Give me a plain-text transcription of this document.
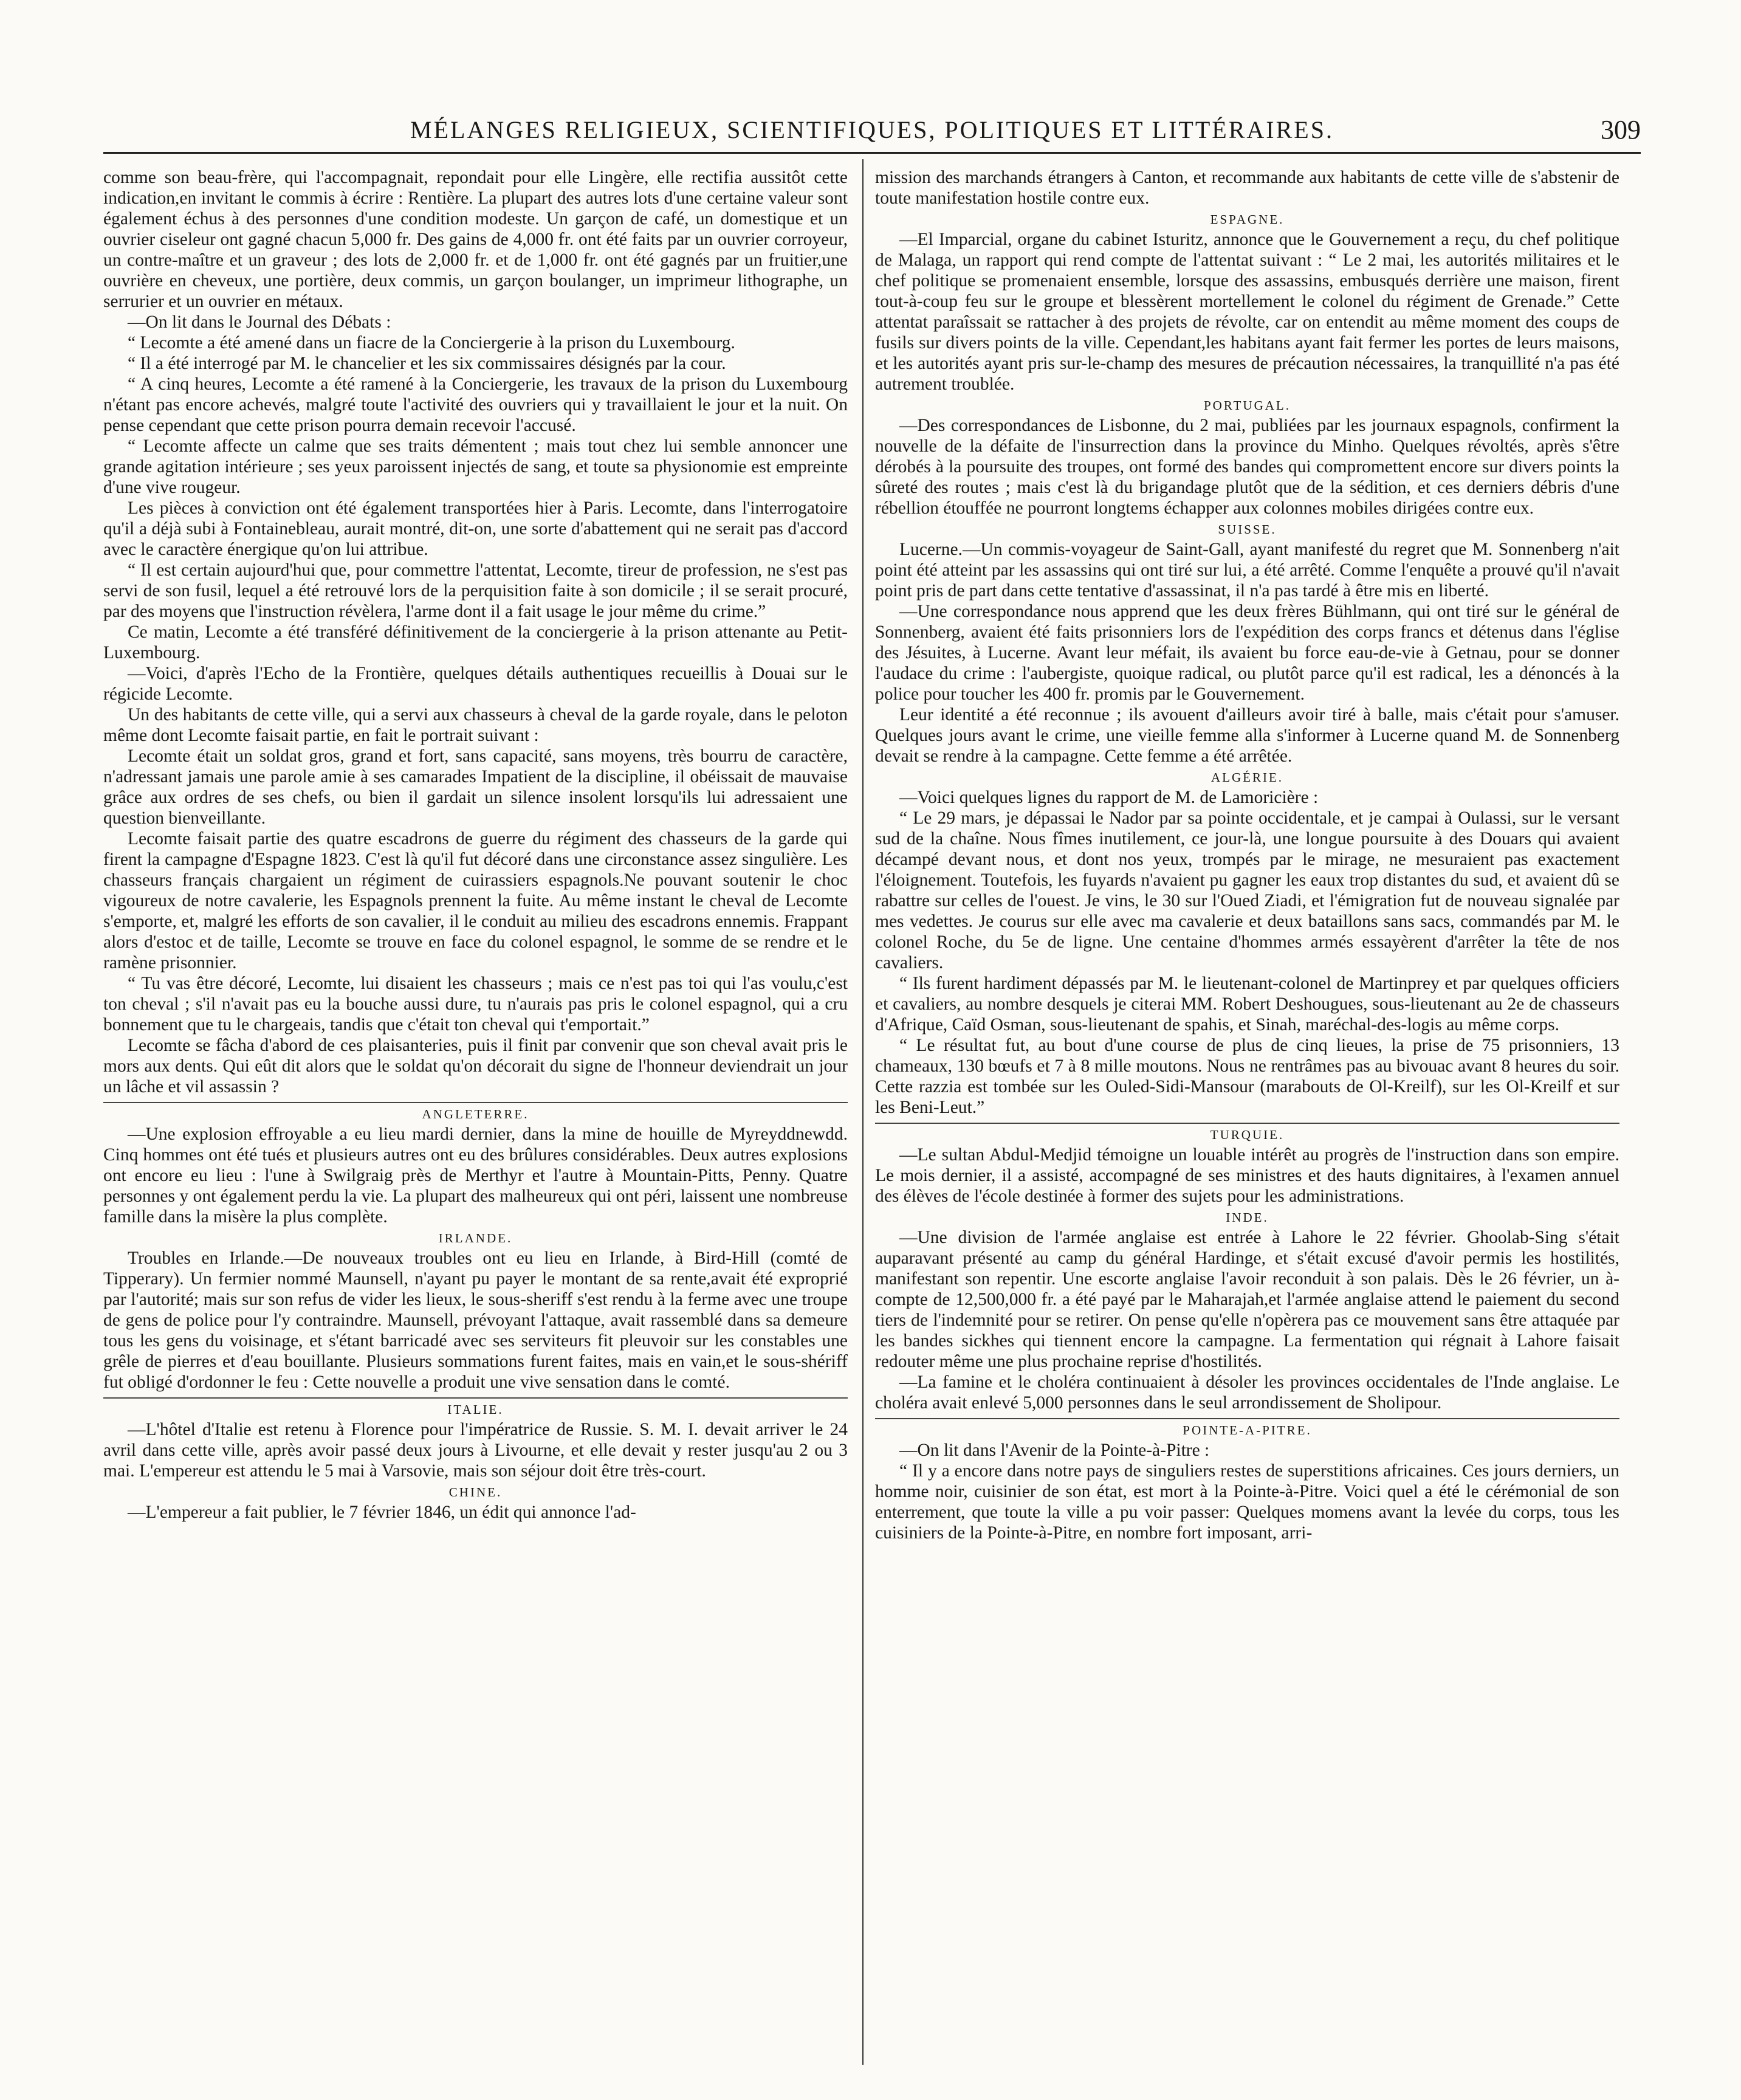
MÉLANGES RELIGIEUX, SCIENTIFIQUES, POLITIQUES ET LITTÉRAIRES.	309

comme son beau-frère, qui l'accompagnait, repondait pour elle Lingère, elle rectifia aussitôt cette indication,en invitant le commis à écrire : Rentière. La plupart des autres lots d'une certaine valeur sont également échus à des personnes d'une condition modeste. Un garçon de café, un domestique et un ouvrier ciseleur ont gagné chacun 5,000 fr. Des gains de 4,000 fr. ont été faits par un ouvrier corroyeur, un contre-maître et un graveur ; des lots de 2,000 fr. et de 1,000 fr. ont été gagnés par un fruitier,une ouvrière en cheveux, une portière, deux commis, un garçon boulanger, un imprimeur lithographe, un serrurier et un ouvrier en métaux.

—On lit dans le Journal des Débats :

“ Lecomte a été amené dans un fiacre de la Conciergerie à la prison du Luxembourg.

“ Il a été interrogé par M. le chancelier et les six commissaires désignés par la cour.

“ A cinq heures, Lecomte a été ramené à la Conciergerie, les travaux de la prison du Luxembourg n'étant pas encore achevés, malgré toute l'activité des ouvriers qui y travaillaient le jour et la nuit. On pense cependant que cette prison pourra demain recevoir l'accusé.

“ Lecomte affecte un calme que ses traits démentent ; mais tout chez lui semble annoncer une grande agitation intérieure ; ses yeux paroissent injectés de sang, et toute sa physionomie est empreinte d'une vive rougeur.

Les pièces à conviction ont été également transportées hier à Paris. Lecomte, dans l'interrogatoire qu'il a déjà subi à Fontainebleau, aurait montré, dit-on, une sorte d'abattement qui ne serait pas d'accord avec le caractère énergique qu'on lui attribue.

“ Il est certain aujourd'hui que, pour commettre l'attentat, Lecomte, tireur de profession, ne s'est pas servi de son fusil, lequel a été retrouvé lors de la perquisition faite à son domicile ; il se serait procuré, par des moyens que l'instruction révèlera, l'arme dont il a fait usage le jour même du crime.”

Ce matin, Lecomte a été transféré définitivement de la conciergerie à la prison attenante au Petit-Luxembourg.

—Voici, d'après l'Echo de la Frontière, quelques détails authentiques recueillis à Douai sur le régicide Lecomte.

Un des habitants de cette ville, qui a servi aux chasseurs à cheval de la garde royale, dans le peloton même dont Lecomte faisait partie, en fait le portrait suivant :

Lecomte était un soldat gros, grand et fort, sans capacité, sans moyens, très bourru de caractère, n'adressant jamais une parole amie à ses camarades Impatient de la discipline, il obéissait de mauvaise grâce aux ordres de ses chefs, ou bien il gardait un silence insolent lorsqu'ils lui adressaient une question bienveillante.

Lecomte faisait partie des quatre escadrons de guerre du régiment des chasseurs de la garde qui firent la campagne d'Espagne 1823. C'est là qu'il fut décoré dans une circonstance assez singulière. Les chasseurs français chargaient un régiment de cuirassiers espagnols.Ne pouvant soutenir le choc vigoureux de notre cavalerie, les Espagnols prennent la fuite. Au même instant le cheval de Lecomte s'emporte, et, malgré les efforts de son cavalier, il le conduit au milieu des escadrons ennemis. Frappant alors d'estoc et de taille, Lecomte se trouve en face du colonel espagnol, le somme de se rendre et le ramène prisonnier.

“ Tu vas être décoré, Lecomte, lui disaient les chasseurs ; mais ce n'est pas toi qui l'as voulu,c'est ton cheval ; s'il n'avait pas eu la bouche aussi dure, tu n'aurais pas pris le colonel espagnol, qui a cru bonnement que tu le chargeais, tandis que c'était ton cheval qui t'emportait.”

Lecomte se fâcha d'abord de ces plaisanteries, puis il finit par convenir que son cheval avait pris le mors aux dents. Qui eût dit alors que le soldat qu'on décorait du signe de l'honneur deviendrait un jour un lâche et vil assassin ?

ANGLETERRE.

—Une explosion effroyable a eu lieu mardi dernier, dans la mine de houille de Myreyddnewdd. Cinq hommes ont été tués et plusieurs autres ont eu des brûlures considérables. Deux autres explosions ont encore eu lieu : l'une à Swilgraig près de Merthyr et l'autre à Mountain-Pitts, Penny. Quatre personnes y ont également perdu la vie. La plupart des malheureux qui ont péri, laissent une nombreuse famille dans la misère la plus complète.

IRLANDE.

Troubles en Irlande.—De nouveaux troubles ont eu lieu en Irlande, à Bird-Hill (comté de Tipperary). Un fermier nommé Maunsell, n'ayant pu payer le montant de sa rente,avait été exproprié par l'autorité; mais sur son refus de vider les lieux, le sous-sheriff s'est rendu à la ferme avec une troupe de gens de police pour l'y contraindre. Maunsell, prévoyant l'attaque, avait rassemblé dans sa demeure tous les gens du voisinage, et s'étant barricadé avec ses serviteurs fit pleuvoir sur les constables une grêle de pierres et d'eau bouillante. Plusieurs sommations furent faites, mais en vain,et le sous-shériff fut obligé d'ordonner le feu : Cette nouvelle a produit une vive sensation dans le comté.

ITALIE.

—L'hôtel d'Italie est retenu à Florence pour l'impératrice de Russie. S. M. I. devait arriver le 24 avril dans cette ville, après avoir passé deux jours à Livourne, et elle devait y rester jusqu'au 2 ou 3 mai. L'empereur est attendu le 5 mai à Varsovie, mais son séjour doit être très-court.

CHINE.

—L'empereur a fait publier, le 7 février 1846, un édit qui annonce l'ad-

mission des marchands étrangers à Canton, et recommande aux habitants de cette ville de s'abstenir de toute manifestation hostile contre eux.

ESPAGNE.

—El Imparcial, organe du cabinet Isturitz, annonce que le Gouvernement a reçu, du chef politique de Malaga, un rapport qui rend compte de l'attentat suivant : “ Le 2 mai, les autorités militaires et le chef politique se promenaient ensemble, lorsque des assassins, embusqués derrière une maison, firent tout-à-coup feu sur le groupe et blessèrent mortellement le colonel du régiment de Grenade.” Cette attentat paraîssait se rattacher à des projets de révolte, car on entendit au même moment des coups de fusils sur divers points de la ville. Cependant,les habitans ayant fait fermer les portes de leurs maisons, et les autorités ayant pris sur-le-champ des mesures de précaution nécessaires, la tranquillité n'a pas été autrement troublée.

PORTUGAL.

—Des correspondances de Lisbonne, du 2 mai, publiées par les journaux espagnols, confirment la nouvelle de la défaite de l'insurrection dans la province du Minho. Quelques révoltés, après s'être dérobés à la poursuite des troupes, ont formé des bandes qui compromettent encore sur divers points la sûreté des routes ; mais c'est là du brigandage plutôt que de la sédition, et ces derniers débris d'une rébellion étouffée ne pourront longtems échapper aux colonnes mobiles dirigées contre eux.

SUISSE.

Lucerne.—Un commis-voyageur de Saint-Gall, ayant manifesté du regret que M. Sonnenberg n'ait point été atteint par les assassins qui ont tiré sur lui, a été arrêté. Comme l'enquête a prouvé qu'il n'avait point pris de part dans cette tentative d'assassinat, il n'a pas tardé à être mis en liberté.

—Une correspondance nous apprend que les deux frères Bühlmann, qui ont tiré sur le général de Sonnenberg, avaient été faits prisonniers lors de l'expédition des corps francs et détenus dans l'église des Jésuites, à Lucerne. Avant leur méfait, ils avaient bu force eau-de-vie à Getnau, pour se donner l'audace du crime : l'aubergiste, quoique radical, ou plutôt parce qu'il est radical, les a dénoncés à la police pour toucher les 400 fr. promis par le Gouvernement.

Leur identité a été reconnue ; ils avouent d'ailleurs avoir tiré à balle, mais c'était pour s'amuser. Quelques jours avant le crime, une vieille femme alla s'informer à Lucerne quand M. de Sonnenberg devait se rendre à la campagne. Cette femme a été arrêtée.

ALGÉRIE.

—Voici quelques lignes du rapport de M. de Lamoricière :

“ Le 29 mars, je dépassai le Nador par sa pointe occidentale, et je campai à Oulassi, sur le versant sud de la chaîne. Nous fîmes inutilement, ce jour-là, une longue poursuite à des Douars qui avaient décampé devant nous, et dont nos yeux, trompés par le mirage, ne mesuraient pas exactement l'éloignement. Toutefois, les fuyards n'avaient pu gagner les eaux trop distantes du sud, et avaient dû se rabattre sur celles de l'ouest. Je vins, le 30 sur l'Oued Ziadi, et l'émigration fut de nouveau signalée par mes vedettes. Je courus sur elle avec ma cavalerie et deux bataillons sans sacs, commandés par M. le colonel Roche, du 5e de ligne. Une centaine d'hommes armés essayèrent d'arrêter la tête de nos cavaliers.

“ Ils furent hardiment dépassés par M. le lieutenant-colonel de Martinprey et par quelques officiers et cavaliers, au nombre desquels je citerai MM. Robert Deshougues, sous-lieutenant au 2e de chasseurs d'Afrique, Caïd Osman, sous-lieutenant de spahis, et Sinah, maréchal-des-logis au même corps.

“ Le résultat fut, au bout d'une course de plus de cinq lieues, la prise de 75 prisonniers, 13 chameaux, 130 bœufs et 7 à 8 mille moutons. Nous ne rentrâmes pas au bivouac avant 8 heures du soir. Cette razzia est tombée sur les Ouled-Sidi-Mansour (marabouts de Ol-Kreilf), sur les Ol-Kreilf et sur les Beni-Leut.”

TURQUIE.

—Le sultan Abdul-Medjid témoigne un louable intérêt au progrès de l'instruction dans son empire. Le mois dernier, il a assisté, accompagné de ses ministres et des hauts dignitaires, à l'examen annuel des élèves de l'école destinée à former des sujets pour les administrations.

INDE.

—Une division de l'armée anglaise est entrée à Lahore le 22 février. Ghoolab-Sing s'était auparavant présenté au camp du général Hardinge, et s'était excusé d'avoir permis les hostilités, manifestant son repentir. Une escorte anglaise l'avoir reconduit à son palais. Dès le 26 février, un à-compte de 12,500,000 fr. a été payé par le Maharajah,et l'armée anglaise attend le paiement du second tiers de l'indemnité pour se retirer. On pense qu'elle n'opèrera pas ce mouvement sans être attaquée par les bandes sickhes qui tiennent encore la campagne. La fermentation qui régnait à Lahore faisait redouter même une plus prochaine reprise d'hostilités.

—La famine et le choléra continuaient à désoler les provinces occidentales de l'Inde anglaise. Le choléra avait enlevé 5,000 personnes dans le seul arrondissement de Sholipour.

POINTE-A-PITRE.

—On lit dans l'Avenir de la Pointe-à-Pitre :

“ Il y a encore dans notre pays de singuliers restes de superstitions africaines. Ces jours derniers, un homme noir, cuisinier de son état, est mort à la Pointe-à-Pitre. Voici quel a été le cérémonial de son enterrement, que toute la ville a pu voir passer: Quelques momens avant la levée du corps, tous les cuisiniers de la Pointe-à-Pitre, en nombre fort imposant, arri-
